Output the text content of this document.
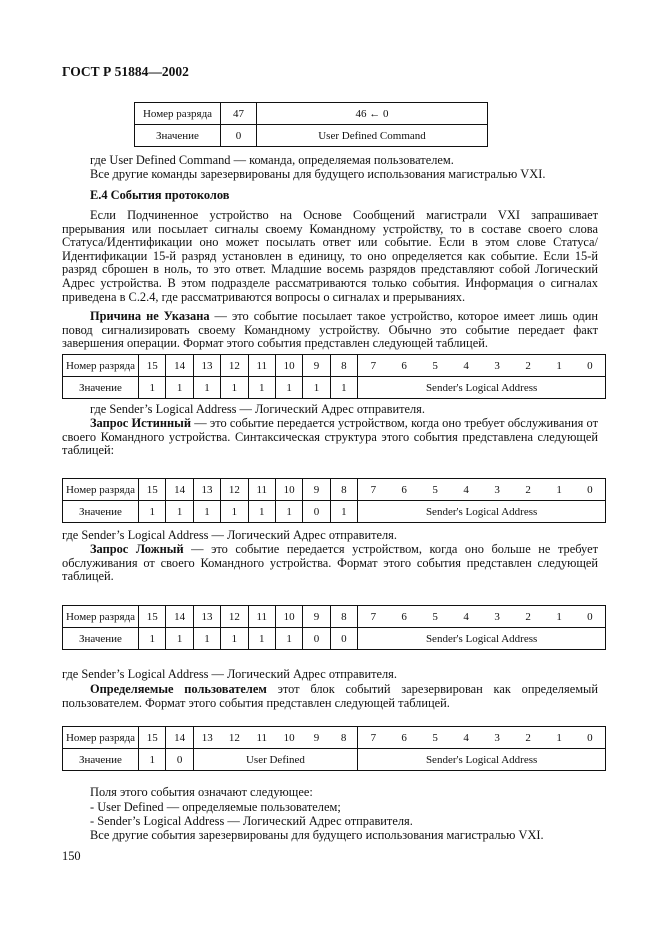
ГОСТ Р 51884—2002
Номер разряда	47	46 ← 0
Значение	0	User Defined Command
где User Defined Command — команда, определяемая пользователем.
Все другие команды зарезервированы для будущего использования магистралью VXI.
E.4 События протоколов
Если Подчиненное устройство на Основе Сообщений магистрали VXI запрашивает прерывания или посылает сигналы своему Командному устройству, то в составе своего слова Статуса/Идентификации оно может посылать ответ или событие. Если в этом слове Статуса/Идентификации 15-й разряд установлен в единицу, то оно определяется как событие. Если 15-й разряд сброшен в ноль, то это ответ. Младшие восемь разрядов представляют собой Логический Адрес устройства. В этом подразделе рассматриваются только события. Информация о сигналах приведена в С.2.4, где рассматриваются вопросы о сигналах и прерываниях.
Причина не Указана — это событие посылает такое устройство, которое имеет лишь один повод сигнализировать своему Командному устройству. Обычно это событие передает факт завершения операции. Формат этого события представлен следующей таблицей.
Номер разряда	15	14	13	12	11	10	9	8	7	6	5	4	3	2	1	0
Значение	1	1	1	1	1	1	1	1	Sender's Logical Address							
где Sender’s Logical Address — Логический Адрес отправителя.
Запрос Истинный — это событие передается устройством, когда оно требует обслуживания от своего Командного устройства. Синтаксическая структура этого события представлена следующей таблицей:
Номер разряда	15	14	13	12	11	10	9	8	7	6	5	4	3	2	1	0
Значение	1	1	1	1	1	1	0	1	Sender's Logical Address							
где Sender’s Logical Address — Логический Адрес отправителя.
Запрос Ложный — это событие передается устройством, когда оно больше не требует обслуживания от своего Командного устройства. Формат этого события представлен следующей таблицей.
Номер разряда	15	14	13	12	11	10	9	8	7	6	5	4	3	2	1	0
Значение	1	1	1	1	1	1	0	0	Sender's Logical Address							
где Sender’s Logical Address — Логический Адрес отправителя.
Определяемые пользователем этот блок событий зарезервирован как определяемый пользователем. Формат этого события представлен следующей таблицей.
Номер разряда	15	14	13	12	11	10	9	8	7	6	5	4	3	2	1	0
Значение	1	0	User Defined						Sender's Logical Address							
Поля этого события означают следующее:
- User Defined — определяемые пользователем;
- Sender’s Logical Address — Логический Адрес отправителя.
Все другие события зарезервированы для будущего использования магистралью VXI.
150
